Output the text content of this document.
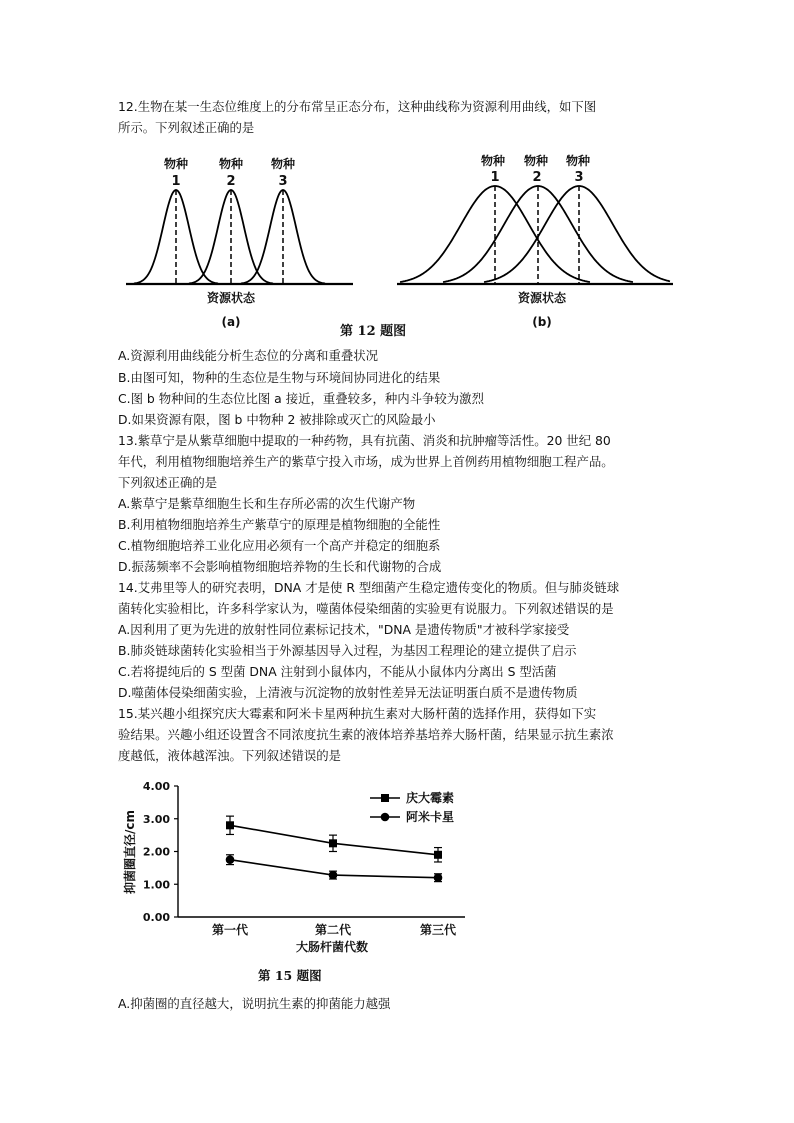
12.生物在某一生态位维度上的分布常呈正态分布，这种曲线称为资源利用曲线，如下图
所示。下列叙述正确的是
物种	物种 物种
1	2	3
资源状态
(a)
物种 物种 物种
1	2	3
资源状态
(b)
第 12 题图
A.资源利用曲线能分析生态位的分离和重叠状况
B.由图可知，物种的生态位是生物与环境间协同进化的结果
C.图 b 物种间的生态位比图 a 接近，重叠较多，种内斗争较为激烈
D.如果资源有限，图 b 中物种 2 被排除或灭亡的风险最小
13.紫草宁是从紫草细胞中提取的一种药物，具有抗菌、消炎和抗肿瘤等活性。20 世纪 80
年代，利用植物细胞培养生产的紫草宁投入市场，成为世界上首例药用植物细胞工程产品。
下列叙述正确的是
A.紫草宁是紫草细胞生长和生存所必需的次生代谢产物
B.利用植物细胞培养生产紫草宁的原理是植物细胞的全能性
C.植物细胞培养工业化应用必须有一个高产并稳定的细胞系
D.振荡频率不会影响植物细胞培养物的生长和代谢物的合成
14.艾弗里等人的研究表明，DNA 才是使 R 型细菌产生稳定遗传变化的物质。但与肺炎链球
菌转化实验相比，许多科学家认为，噬菌体侵染细菌的实验更有说服力。下列叙述错误的是
A.因利用了更为先进的放射性同位素标记技术，"DNA 是遗传物质"才被科学家接受
B.肺炎链球菌转化实验相当于外源基因导入过程，为基因工程理论的建立提供了启示
C.若将提纯后的 S 型菌 DNA 注射到小鼠体内，不能从小鼠体内分离出 S 型活菌
D.噬菌体侵染细菌实验，上清液与沉淀物的放射性差异无法证明蛋白质不是遗传物质
15.某兴趣小组探究庆大霉素和阿米卡星两种抗生素对大肠杆菌的选择作用，获得如下实
验结果。兴趣小组还设置含不同浓度抗生素的液体培养基培养大肠杆菌，结果显示抗生素浓
度越低，液体越浑浊。下列叙述错误的是
抑菌圈直径/cm
大肠杆菌代数
4.00
3.00
2.00
1.00
0.00
第一代	第二代	第三代
庆大霉素
阿米卡星
第 15 题图
A.抑菌圈的直径越大，说明抗生素的抑菌能力越强
